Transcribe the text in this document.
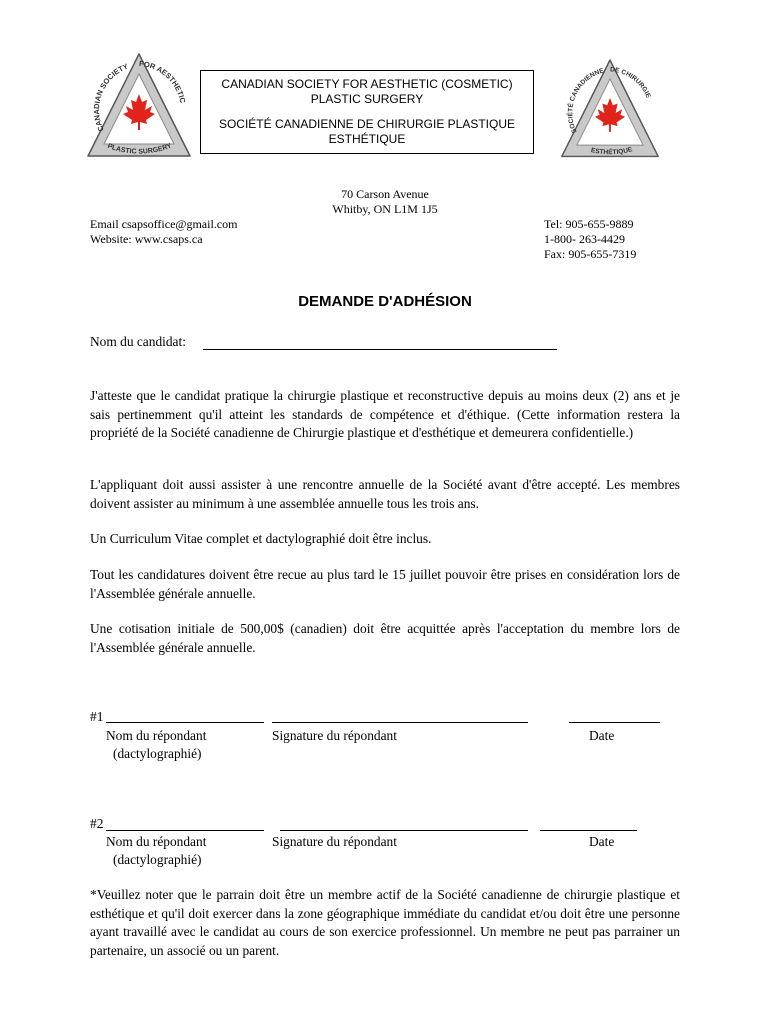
CANADIAN SOCIETY FOR AESTHETIC
PLASTIC SURGERY
CANADIAN SOCIETY FOR AESTHETIC (COSMETIC)
PLASTIC SURGERY
SOCIÉTÉ CANADIENNE DE CHIRURGIE PLASTIQUE
ESTHÉTIQUE
SOCIÉTÉ CANADIENNE DE CHIRURGIE
ESTHÉTIQUE
70 Carson Avenue
Whitby, ON L1M 1J5
Email csapsoffice@gmail.com
Website: www.csaps.ca
Tel: 905-655-9889
1-800- 263-4429
Fax: 905-655-7319
DEMANDE D'ADHÉSION
Nom du candidat:
J'atteste que le candidat pratique la chirurgie plastique et reconstructive depuis au moins deux (2) ans et je sais pertinemment qu'il atteint les standards de compétence et d'éthique. (Cette information restera la propriété de la Société canadienne de Chirurgie plastique et d'esthétique et demeurera confidentielle.)
L'appliquant doit aussi assister à une rencontre annuelle de la Société avant d'être accepté. Les membres doivent assister au minimum à une assemblée annuelle tous les trois ans.
Un Curriculum Vitae complet et dactylographié doit être inclus.
Tout les candidatures doivent être recue au plus tard le 15 juillet pouvoir être prises en considération lors de l'Assemblée générale annuelle.
Une cotisation initiale de 500,00$ (canadien) doit être acquittée après l'acceptation du membre lors de l'Assemblée générale annuelle.
#1
Nom du répondant
(dactylographié)
Signature du répondant	Date
#2
Nom du répondant
(dactylographié)
Signature du répondant	Date
*Veuillez noter que le parrain doit être un membre actif de la Société canadienne de chirurgie plastique et esthétique et qu'il doit exercer dans la zone géographique immédiate du candidat et/ou doit être une personne ayant travaillé avec le candidat au cours de son exercice professionnel. Un membre ne peut pas parrainer un partenaire, un associé ou un parent.
